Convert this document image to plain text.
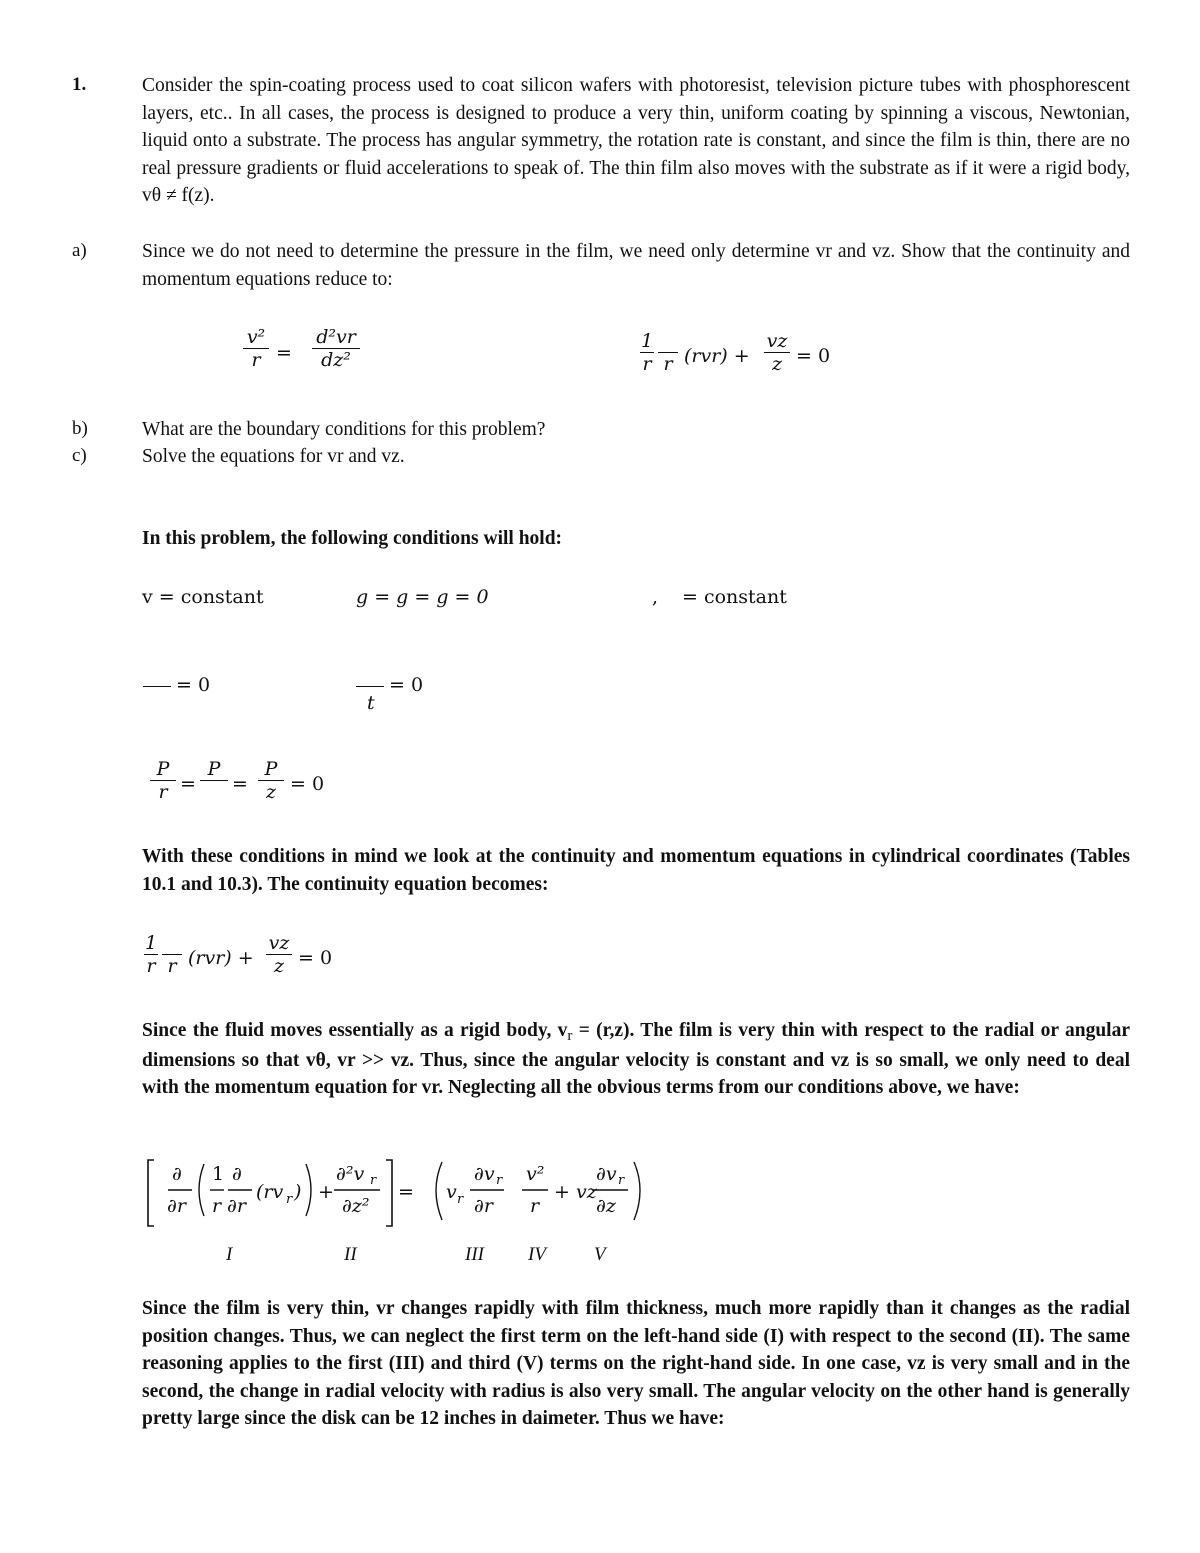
1.	Consider the spin-coating process used to coat silicon wafers with photoresist, television picture tubes with phosphorescent layers, etc.. In all cases, the process is designed to produce a very thin, uniform coating by spinning a viscous, Newtonian, liquid onto a substrate. The process has angular symmetry, the rotation rate is constant, and since the film is thin, there are no real pressure gradients or fluid accelerations to speak of. The thin film also moves with the substrate as if it were a rigid body, vθ ≠ f(z).
a)	Since we do not need to determine the pressure in the film, we need only determine vr and vz. Show that the continuity and momentum equations reduce to:
v²
r =
d²vr
dz²
1
r
r (rvr) +
vz
z = 0
b)	What are the boundary conditions for this problem?
c)	Solve the equations for vr and vz.
In this problem, the following conditions will hold:
v = constant	g = g = g = 0	, = constant
= 0	= 0
t
P
r =
P

=
P
z = 0
With these conditions in mind we look at the continuity and momentum equations in cylindrical coordinates (Tables 10.1 and 10.3). The continuity equation becomes:
1
r
r (rvr) +
vz
z = 0
Since the fluid moves essentially as a rigid body, $v_r = (r,z)$. The film is very thin with respect to the radial or angular dimensions so that vθ, vr >> vz. Thus, since the angular velocity is constant and vz is so small, we only need to deal with the momentum equation for vr. Neglecting all the obvious terms from our conditions above, we have:
∂
∂r
1
r
∂
∂r
(rv r ) +
∂²v r
∂z²
= v r
∂v r
∂r
v²
r
+ vz
∂v r
∂z
I	II	III IV	V
Since the film is very thin, vr changes rapidly with film thickness, much more rapidly than it changes as the radial position changes. Thus, we can neglect the first term on the left-hand side (I) with respect to the second (II). The same reasoning applies to the first (III) and third (V) terms on the right-hand side. In one case, vz is very small and in the second, the change in radial velocity with radius is also very small. The angular velocity on the other hand is generally pretty large since the disk can be 12 inches in daimeter. Thus we have:
